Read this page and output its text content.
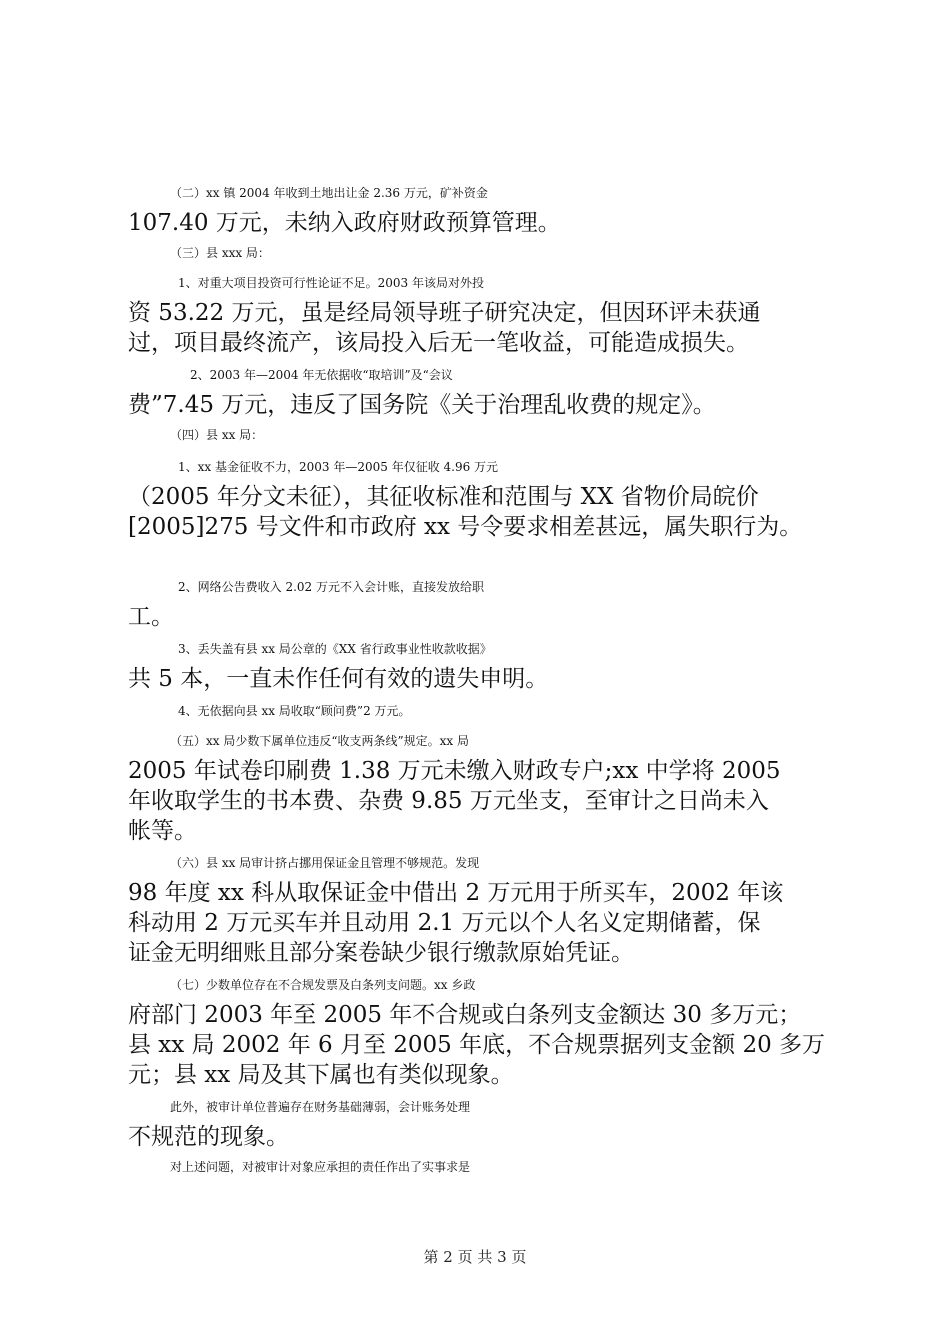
（二）xx 镇 2004 年收到土地出让金 2.36 万元，矿补资金
107.40 万元，未纳入政府财政预算管理。
（三）县 xxx 局：
1、对重大项目投资可行性论证不足。2003 年该局对外投
资 53.22 万元，虽是经局领导班子研究决定，但因环评未获通
过，项目最终流产，该局投入后无一笔收益，可能造成损失。
2、2003 年—2004 年无依据收“取培训”及“会议
费”7.45 万元，违反了国务院《关于治理乱收费的规定》。
（四）县 xx 局：
1、xx 基金征收不力，2003 年—2005 年仅征收 4.96 万元
（2005 年分文未征），其征收标准和范围与 XX 省物价局皖价
[2005]275 号文件和市政府 xx 号令要求相差甚远，属失职行为。
2、网络公告费收入 2.02 万元不入会计账，直接发放给职
工。
3、丢失盖有县 xx 局公章的《XX 省行政事业性收款收据》
共 5 本，一直未作任何有效的遗失申明。
4、无依据向县 xx 局收取“顾问费”2 万元。
（五）xx 局少数下属单位违反“收支两条线”规定。xx 局
2005 年试卷印刷费 1.38 万元未缴入财政专户;xx 中学将 2005
年收取学生的书本费、杂费 9.85 万元坐支，至审计之日尚未入
帐等。
（六）县 xx 局审计挤占挪用保证金且管理不够规范。发现
98 年度 xx 科从取保证金中借出 2 万元用于所买车，2002 年该
科动用 2 万元买车并且动用 2.1 万元以个人名义定期储蓄，保
证金无明细账且部分案卷缺少银行缴款原始凭证。
（七）少数单位存在不合规发票及白条列支问题。xx 乡政
府部门 2003 年至 2005 年不合规或白条列支金额达 30 多万元；
县 xx 局 2002 年 6 月至 2005 年底，不合规票据列支金额 20 多万
元；县 xx 局及其下属也有类似现象。
此外，被审计单位普遍存在财务基础薄弱，会计账务处理
不规范的现象。
对上述问题，对被审计对象应承担的责任作出了实事求是
第 2 页 共 3 页
